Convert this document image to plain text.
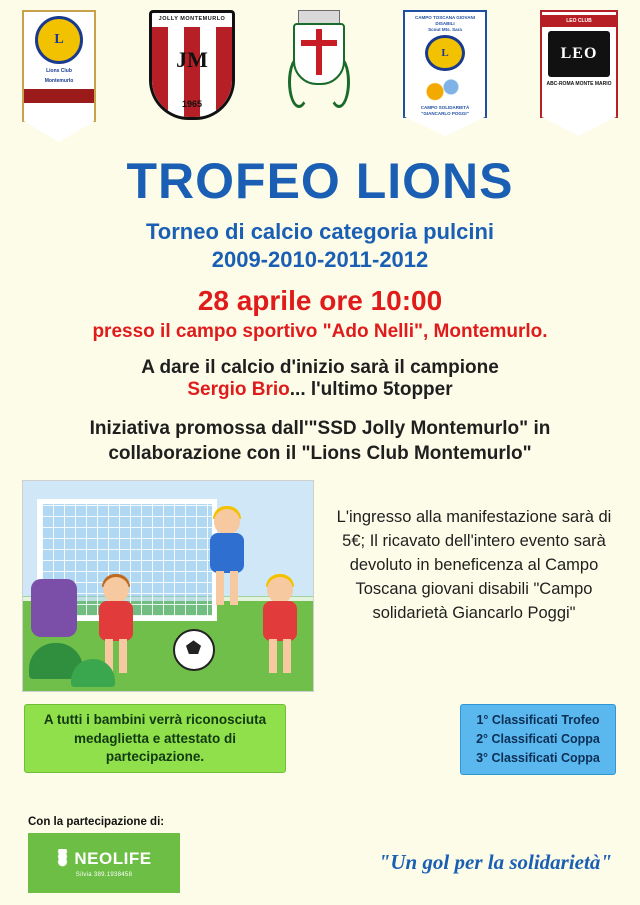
L
Lions Club
Montemurlo
JOLLY MONTEMURLO
JM
1965
CAMPO TOSCANA GIOVANI DISABILI
Scout Mts. Sara
L
CAMPO SOLIDARIETÀ
"GIANCARLO POGGI"
LEO CLUB
LEO
ABC-ROMA MONTE MARIO
TROFEO LIONS
Torneo di calcio categoria pulcini
2009-2010-2011-2012
28 aprile ore 10:00
presso il campo sportivo "Ado Nelli", Montemurlo.
A dare il calcio d'inizio sarà il campione
Sergio Brio... l'ultimo 5topper
Iniziativa promossa dall'"SSD Jolly Montemurlo" in
collaborazione con il "Lions Club Montemurlo"
L'ingresso alla manifestazione sarà di 5€; Il ricavato dell'intero evento sarà devoluto in beneficenza al Campo Toscana giovani disabili "Campo solidarietà Giancarlo Poggi"
A tutti i bambini verrà riconosciuta
medaglietta e attestato di partecipazione.
1° Classificati Trofeo
2° Classificati Coppa
3° Classificati Coppa
Con la partecipazione di:
NEOLIFE
Silvia 389.1938458
"Un gol per la solidarietà"
